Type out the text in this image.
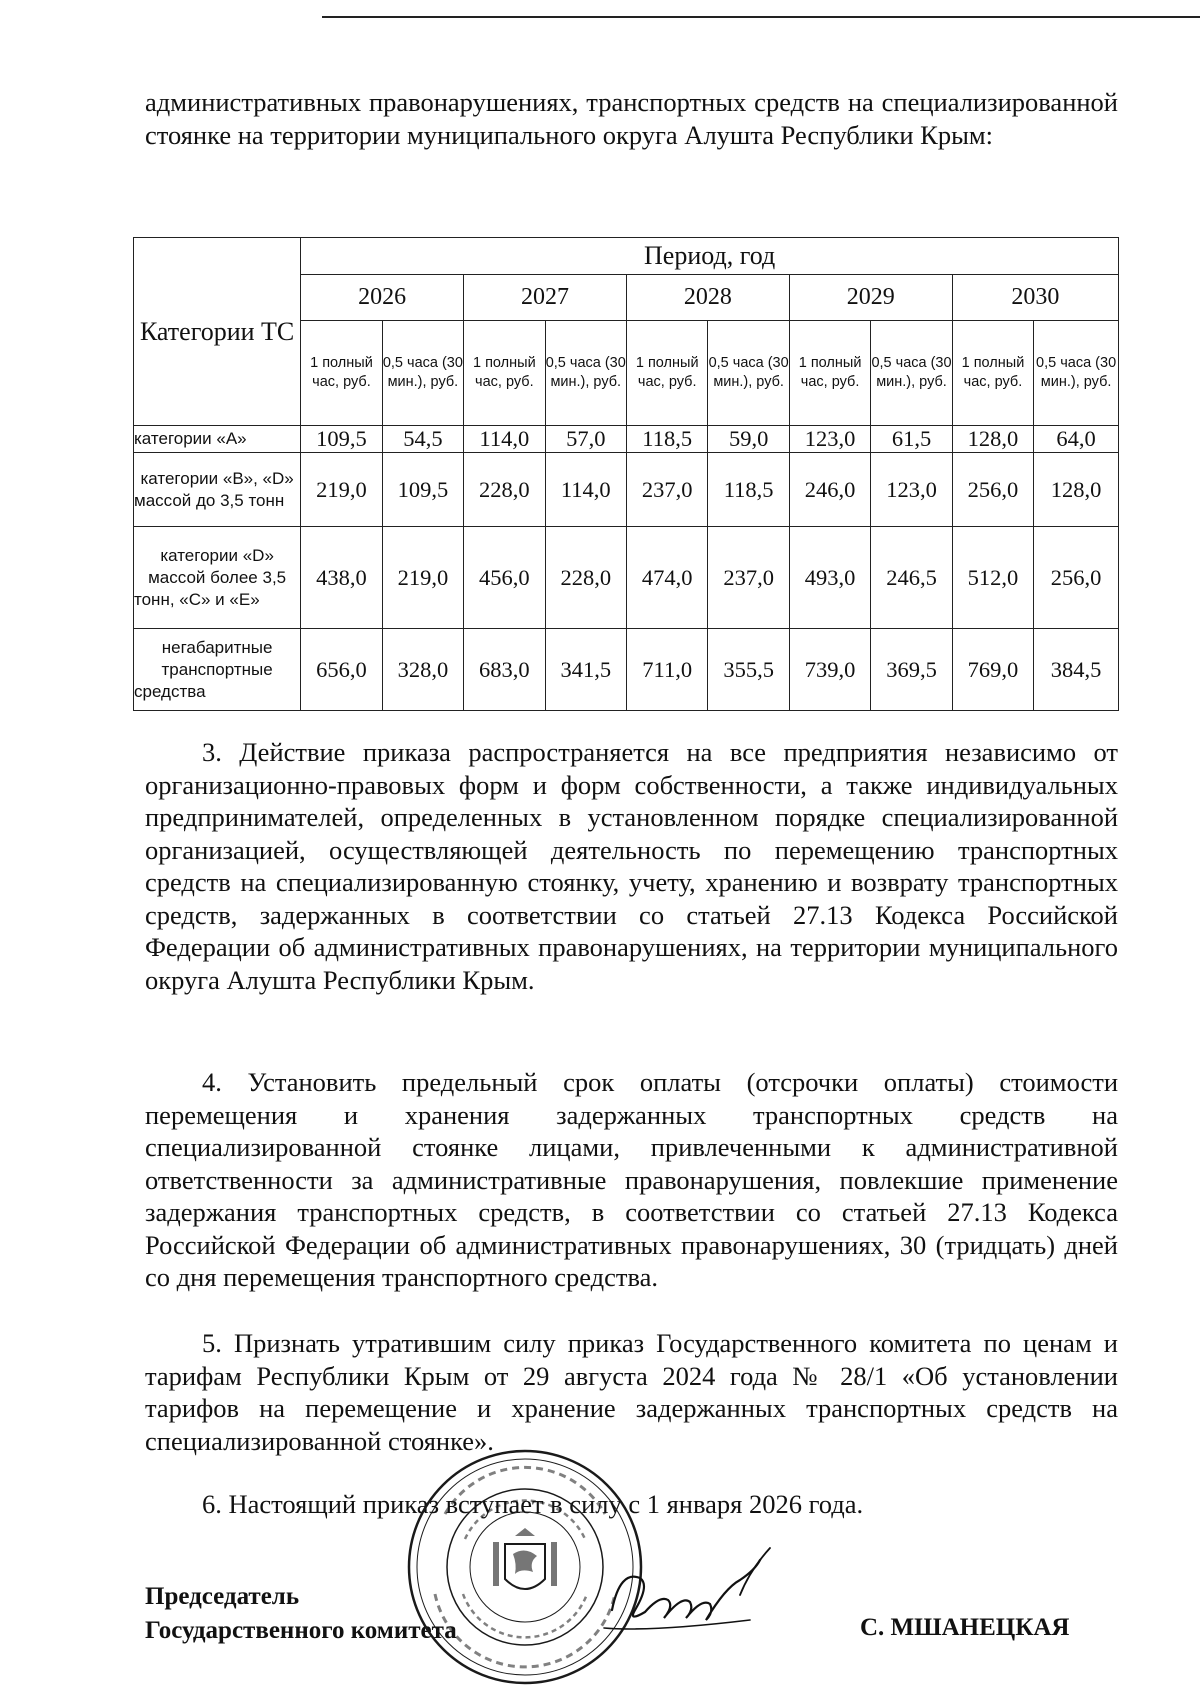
административных правонарушениях, транспортных средств на специализированной стоянке на территории муниципального округа Алушта Республики Крым:

Категории ТС	Период, год									
	2026		2027		2028		2029		2030	
	1 полный час, руб.	0,5 часа (30 мин.), руб.	1 полный час, руб.	0,5 часа (30 мин.), руб.	1 полный час, руб.	0,5 часа (30 мин.), руб.	1 полный час, руб.	0,5 часа (30 мин.), руб.	1 полный час, руб.	0,5 часа (30 мин.), руб.
категории «А»	109,5	54,5	114,0	57,0	118,5	59,0	123,0	61,5	128,0	64,0
категории «В», «D» массой до 3,5 тонн	219,0	109,5	228,0	114,0	237,0	118,5	246,0	123,0	256,0	128,0
категории «D» массой более 3,5 тонн, «С» и «Е»	438,0	219,0	456,0	228,0	474,0	237,0	493,0	246,5	512,0	256,0
негабаритные транспортные средства	656,0	328,0	683,0	341,5	711,0	355,5	739,0	369,5	769,0	384,5

3. Действие приказа распространяется на все предприятия независимо от организационно-правовых форм и форм собственности, а также индивидуальных предпринимателей, определенных в установленном порядке специализированной организацией, осуществляющей деятельность по перемещению транспортных средств на специализированную стоянку, учету, хранению и возврату транспортных средств, задержанных в соответствии со статьей 27.13 Кодекса Российской Федерации об административных правонарушениях, на территории муниципального округа Алушта Республики Крым.

4. Установить предельный срок оплаты (отсрочки оплаты) стоимости перемещения и хранения задержанных транспортных средств на специализированной стоянке лицами, привлеченными к административной ответственности за административные правонарушения, повлекшие применение задержания транспортных средств, в соответствии со статьей 27.13 Кодекса Российской Федерации об административных правонарушениях, 30 (тридцать) дней со дня перемещения транспортного средства.

5. Признать утратившим силу приказ Государственного комитета по ценам и тарифам Республики Крым от 29 августа 2024 года № 28/1 «Об установлении тарифов на перемещение и хранение задержанных транспортных средств на специализированной стоянке».

6. Настоящий приказ вступает в силу с 1 января 2026 года.

Председатель
Государственного комитета	С. МШАНЕЦКАЯ
